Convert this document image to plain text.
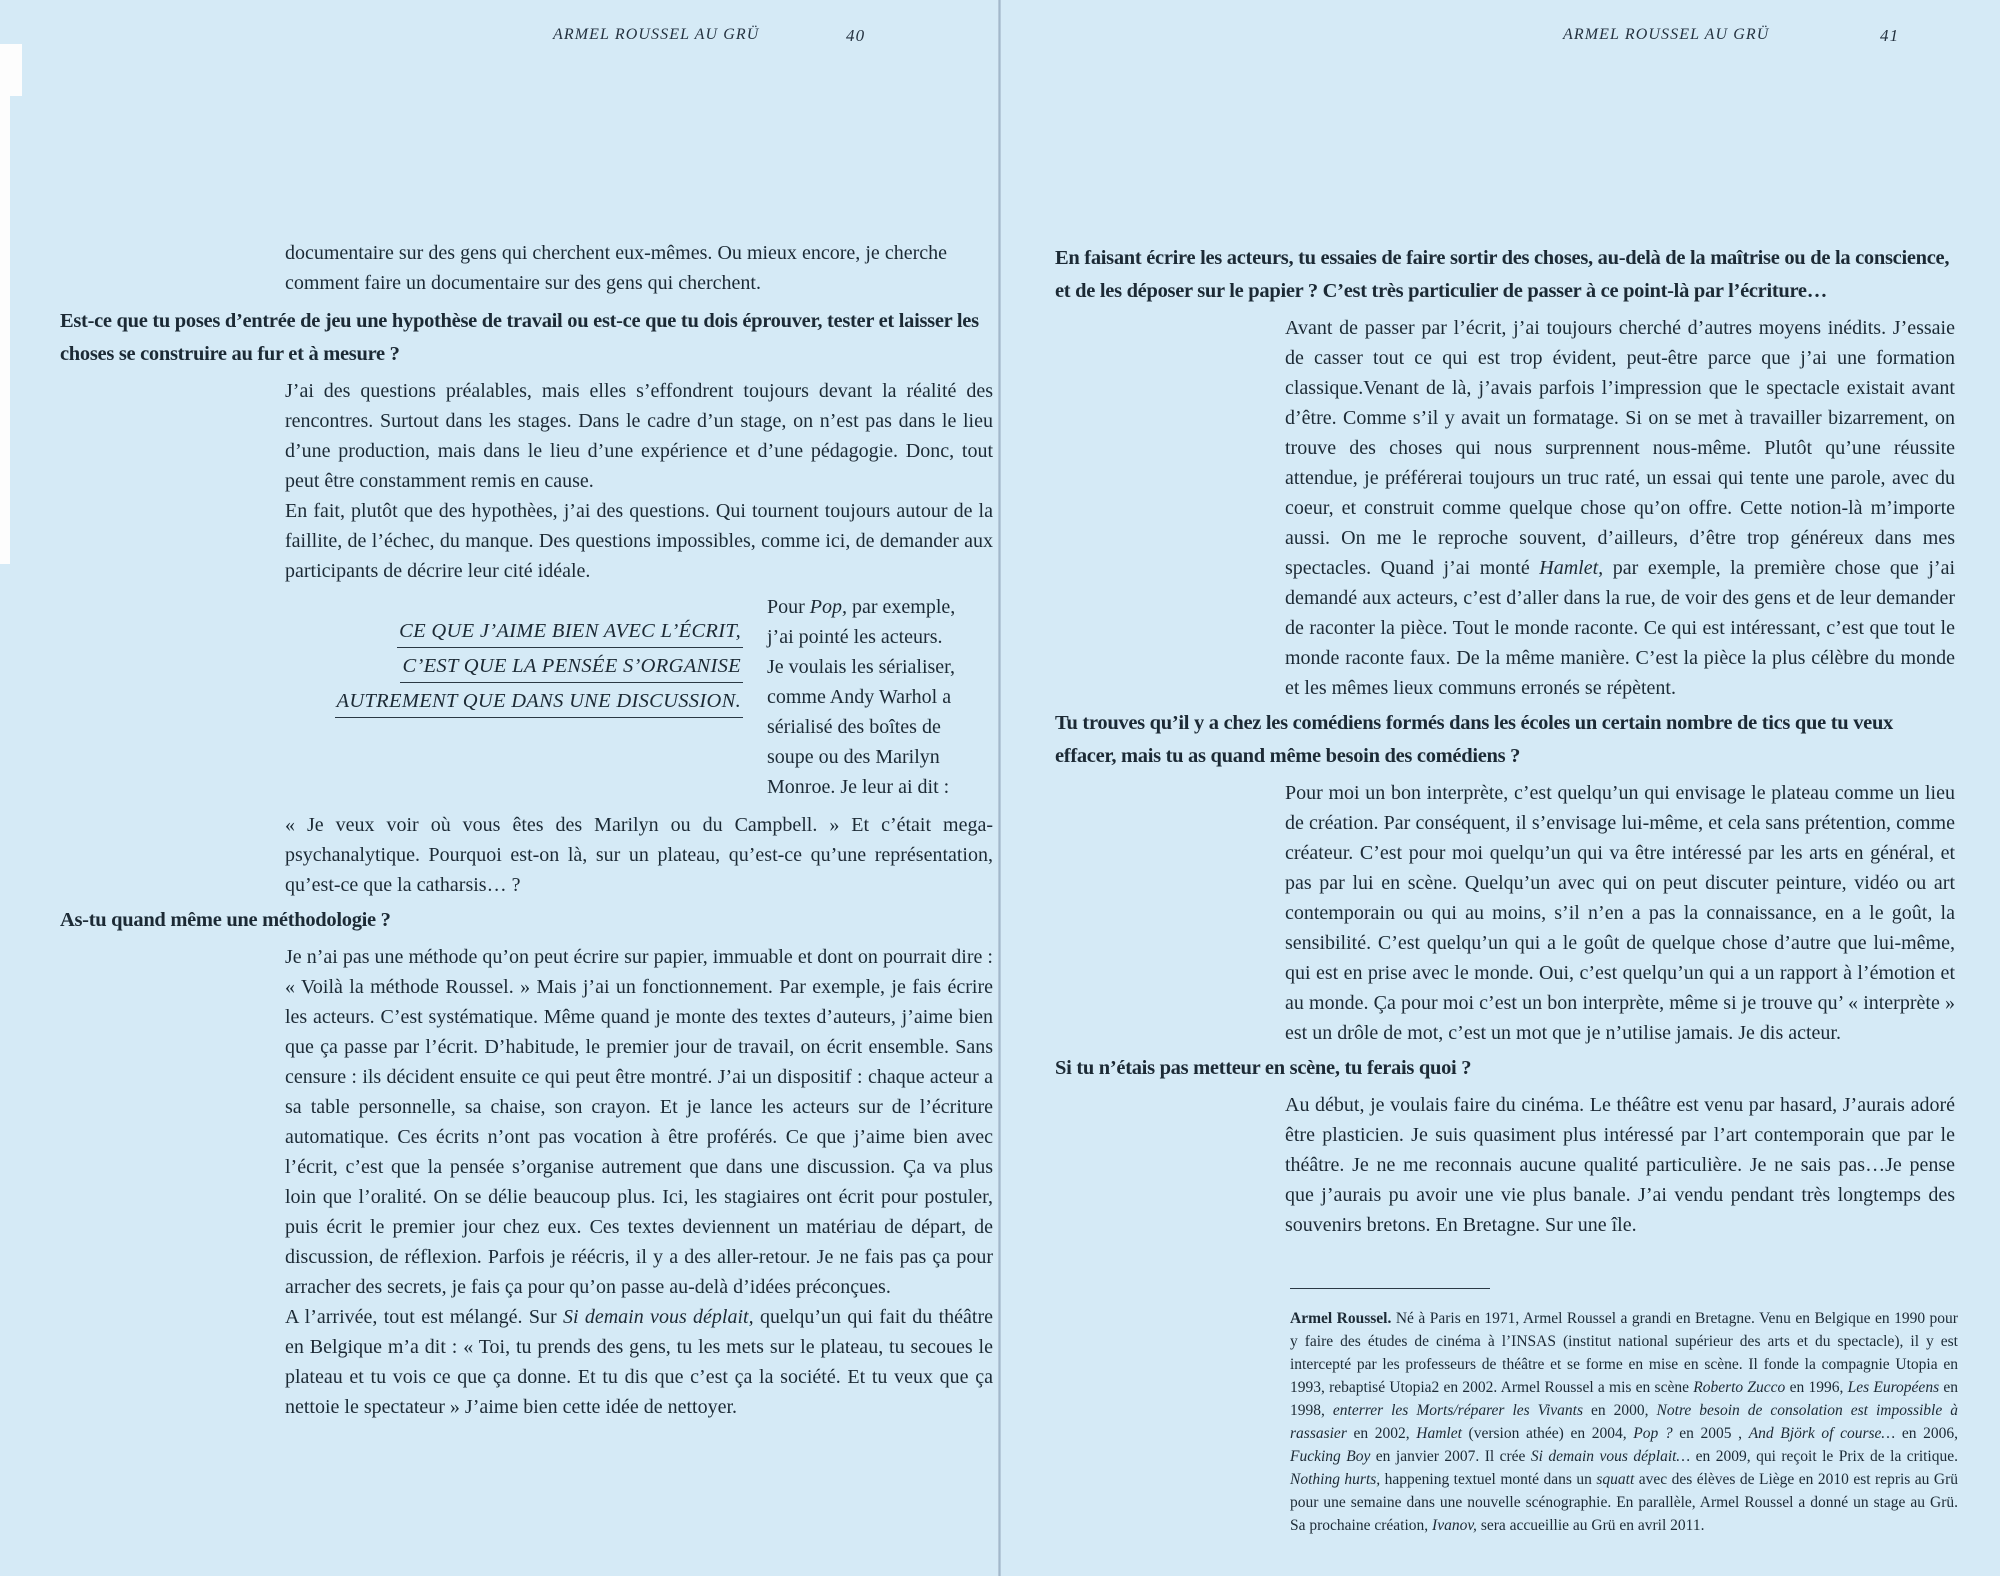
ARMEL ROUSSEL AU GRÜ	40

documentaire sur des gens qui cherchent eux-mêmes. Ou mieux encore, je cherche comment faire un documentaire sur des gens qui cherchent.

Est-ce que tu poses d’entrée de jeu une hypothèse de travail ou est-ce que tu dois éprouver, tester et laisser les choses se construire au fur et à mesure ?

J’ai des questions préalables, mais elles s’effondrent toujours devant la réalité des rencontres. Surtout dans les stages. Dans le cadre d’un stage, on n’est pas dans le lieu d’une production, mais dans le lieu d’une expérience et d’une pédagogie. Donc, tout peut être constamment remis en cause.

En fait, plutôt que des hypothèes, j’ai des questions. Qui tournent toujours autour de la faillite, de l’échec, du manque. Des questions impossibles, comme ici, de demander aux participants de décrire leur cité idéale.

CE QUE J’AIME BIEN AVEC L’ÉCRIT,
C’EST QUE LA PENSÉE S’ORGANISE
AUTREMENT QUE DANS UNE DISCUSSION.
Pour Pop, par exemple, j’ai pointé les acteurs. Je voulais les sérialiser, comme Andy Warhol a sérialisé des boîtes de soupe ou des Marilyn Monroe. Je leur ai dit :

« Je veux voir où vous êtes des Marilyn ou du Campbell. » Et c’était mega-psychanalytique. Pourquoi est-on là, sur un plateau, qu’est-ce qu’une représentation, qu’est-ce que la catharsis… ?

As-tu quand même une méthodologie ?

Je n’ai pas une méthode qu’on peut écrire sur papier, immuable et dont on pourrait dire : « Voilà la méthode Roussel. » Mais j’ai un fonctionnement. Par exemple, je fais écrire les acteurs. C’est systématique. Même quand je monte des textes d’auteurs, j’aime bien que ça passe par l’écrit. D’habitude, le premier jour de travail, on écrit ensemble. Sans censure : ils décident ensuite ce qui peut être montré. J’ai un dispositif : chaque acteur a sa table personnelle, sa chaise, son crayon. Et je lance les acteurs sur de l’écriture automatique. Ces écrits n’ont pas vocation à être proférés. Ce que j’aime bien avec l’écrit, c’est que la pensée s’organise autrement que dans une discussion. Ça va plus loin que l’oralité. On se délie beaucoup plus. Ici, les stagiaires ont écrit pour postuler, puis écrit le premier jour chez eux. Ces textes deviennent un matériau de départ, de discussion, de réflexion. Parfois je réécris, il y a des aller-retour. Je ne fais pas ça pour arracher des secrets, je fais ça pour qu’on passe au-delà d’idées préconçues.

A l’arrivée, tout est mélangé. Sur Si demain vous déplait, quelqu’un qui fait du théâtre en Belgique m’a dit : « Toi, tu prends des gens, tu les mets sur le plateau, tu secoues le plateau et tu vois ce que ça donne. Et tu dis que c’est ça la société. Et tu veux que ça nettoie le spectateur » J’aime bien cette idée de nettoyer.

ARMEL ROUSSEL AU GRÜ	41

En faisant écrire les acteurs, tu essaies de faire sortir des choses, au-delà de la maîtrise ou de la conscience, et de les déposer sur le papier ? C’est très particulier de passer à ce point-là par l’écriture…

Avant de passer par l’écrit, j’ai toujours cherché d’autres moyens inédits. J’essaie de casser tout ce qui est trop évident, peut-être parce que j’ai une formation classique.Venant de là, j’avais parfois l’impression que le spectacle existait avant d’être. Comme s’il y avait un formatage. Si on se met à travailler bizarrement, on trouve des choses qui nous surprennent nous-même. Plutôt qu’une réussite attendue, je préférerai toujours un truc raté, un essai qui tente une parole, avec du coeur, et construit comme quelque chose qu’on offre. Cette notion-là m’importe aussi. On me le reproche souvent, d’ailleurs, d’être trop généreux dans mes spectacles. Quand j’ai monté Hamlet, par exemple, la première chose que j’ai demandé aux acteurs, c’est d’aller dans la rue, de voir des gens et de leur demander de raconter la pièce. Tout le monde raconte. Ce qui est intéressant, c’est que tout le monde raconte faux. De la même manière. C’est la pièce la plus célèbre du monde et les mêmes lieux communs erronés se répètent.

Tu trouves qu’il y a chez les comédiens formés dans les écoles un certain nombre de tics que tu veux effacer, mais tu as quand même besoin des comédiens ?

Pour moi un bon interprète, c’est quelqu’un qui envisage le plateau comme un lieu de création. Par conséquent, il s’envisage lui-même, et cela sans prétention, comme créateur. C’est pour moi quelqu’un qui va être intéressé par les arts en général, et pas par lui en scène. Quelqu’un avec qui on peut discuter peinture, vidéo ou art contemporain ou qui au moins, s’il n’en a pas la connaissance, en a le goût, la sensibilité. C’est quelqu’un qui a le goût de quelque chose d’autre que lui-même, qui est en prise avec le monde. Oui, c’est quelqu’un qui a un rapport à l’émotion et au monde. Ça pour moi c’est un bon interprète, même si je trouve qu’ « interprète » est un drôle de mot, c’est un mot que je n’utilise jamais. Je dis acteur.

Si tu n’étais pas metteur en scène, tu ferais quoi ?

Au début, je voulais faire du cinéma. Le théâtre est venu par hasard, J’aurais adoré être plasticien. Je suis quasiment plus intéressé par l’art contemporain que par le théâtre. Je ne me reconnais aucune qualité particulière. Je ne sais pas…Je pense que j’aurais pu avoir une vie plus banale. J’ai vendu pendant très longtemps des souvenirs bretons. En Bretagne. Sur une île.

Armel Roussel. Né à Paris en 1971, Armel Roussel a grandi en Bretagne. Venu en Belgique en 1990 pour y faire des études de cinéma à l’INSAS (institut national supérieur des arts et du spectacle), il y est intercepté par les professeurs de théâtre et se forme en mise en scène. Il fonde la compagnie Utopia en 1993, rebaptisé Utopia2 en 2002. Armel Roussel a mis en scène Roberto Zucco en 1996, Les Européens en 1998, enterrer les Morts/réparer les Vivants en 2000, Notre besoin de consolation est impossible à rassasier en 2002, Hamlet (version athée) en 2004, Pop ? en 2005 , And Björk of course… en 2006, Fucking Boy en janvier 2007. Il crée Si demain vous déplait… en 2009, qui reçoit le Prix de la critique. Nothing hurts, happening textuel monté dans un squatt avec des élèves de Liège en 2010 est repris au Grü pour une semaine dans une nouvelle scénographie. En parallèle, Armel Roussel a donné un stage au Grü. Sa prochaine création, Ivanov, sera accueillie au Grü en avril 2011.
